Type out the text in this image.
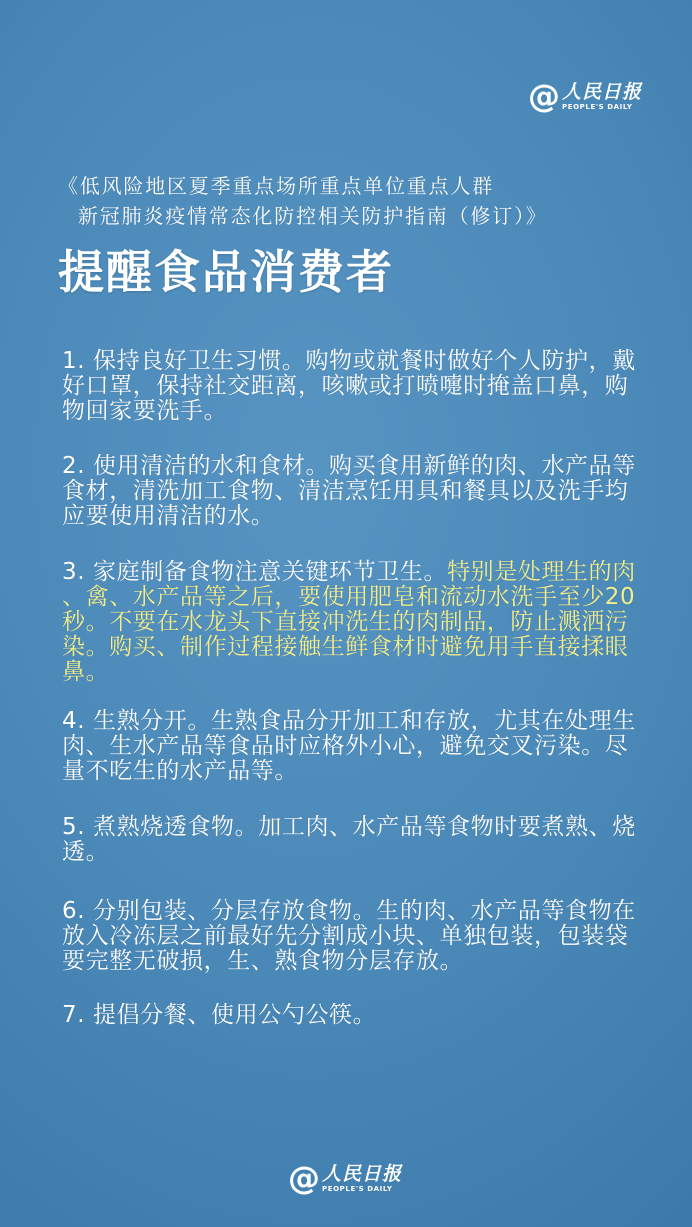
@ 人民日报
PEOPLE'S DAILY
《低风险地区夏季重点场所重点单位重点人群
新冠肺炎疫情常态化防控相关防护指南（修订）》
提醒食品消费者
1. 保持良好卫生习惯。购物或就餐时做好个人防护，戴
好口罩，保持社交距离，咳嗽或打喷嚏时掩盖口鼻，购
物回家要洗手。
2. 使用清洁的水和食材。购买食用新鲜的肉、水产品等
食材，清洗加工食物、清洁烹饪用具和餐具以及洗手均
应要使用清洁的水。
3. 家庭制备食物注意关键环节卫生。特别是处理生的肉
、禽、水产品等之后，要使用肥皂和流动水洗手至少20
秒。不要在水龙头下直接冲洗生的肉制品，防止溅洒污
染。购买、制作过程接触生鲜食材时避免用手直接揉眼
鼻。
4. 生熟分开。生熟食品分开加工和存放，尤其在处理生
肉、生水产品等食品时应格外小心，避免交叉污染。尽
量不吃生的水产品等。
5. 煮熟烧透食物。加工肉、水产品等食物时要煮熟、烧
透。
6. 分别包装、分层存放食物。生的肉、水产品等食物在
放入冷冻层之前最好先分割成小块、单独包装，包装袋
要完整无破损，生、熟食物分层存放。
7. 提倡分餐、使用公勺公筷。
@ 人民日报
PEOPLE'S DAILY
